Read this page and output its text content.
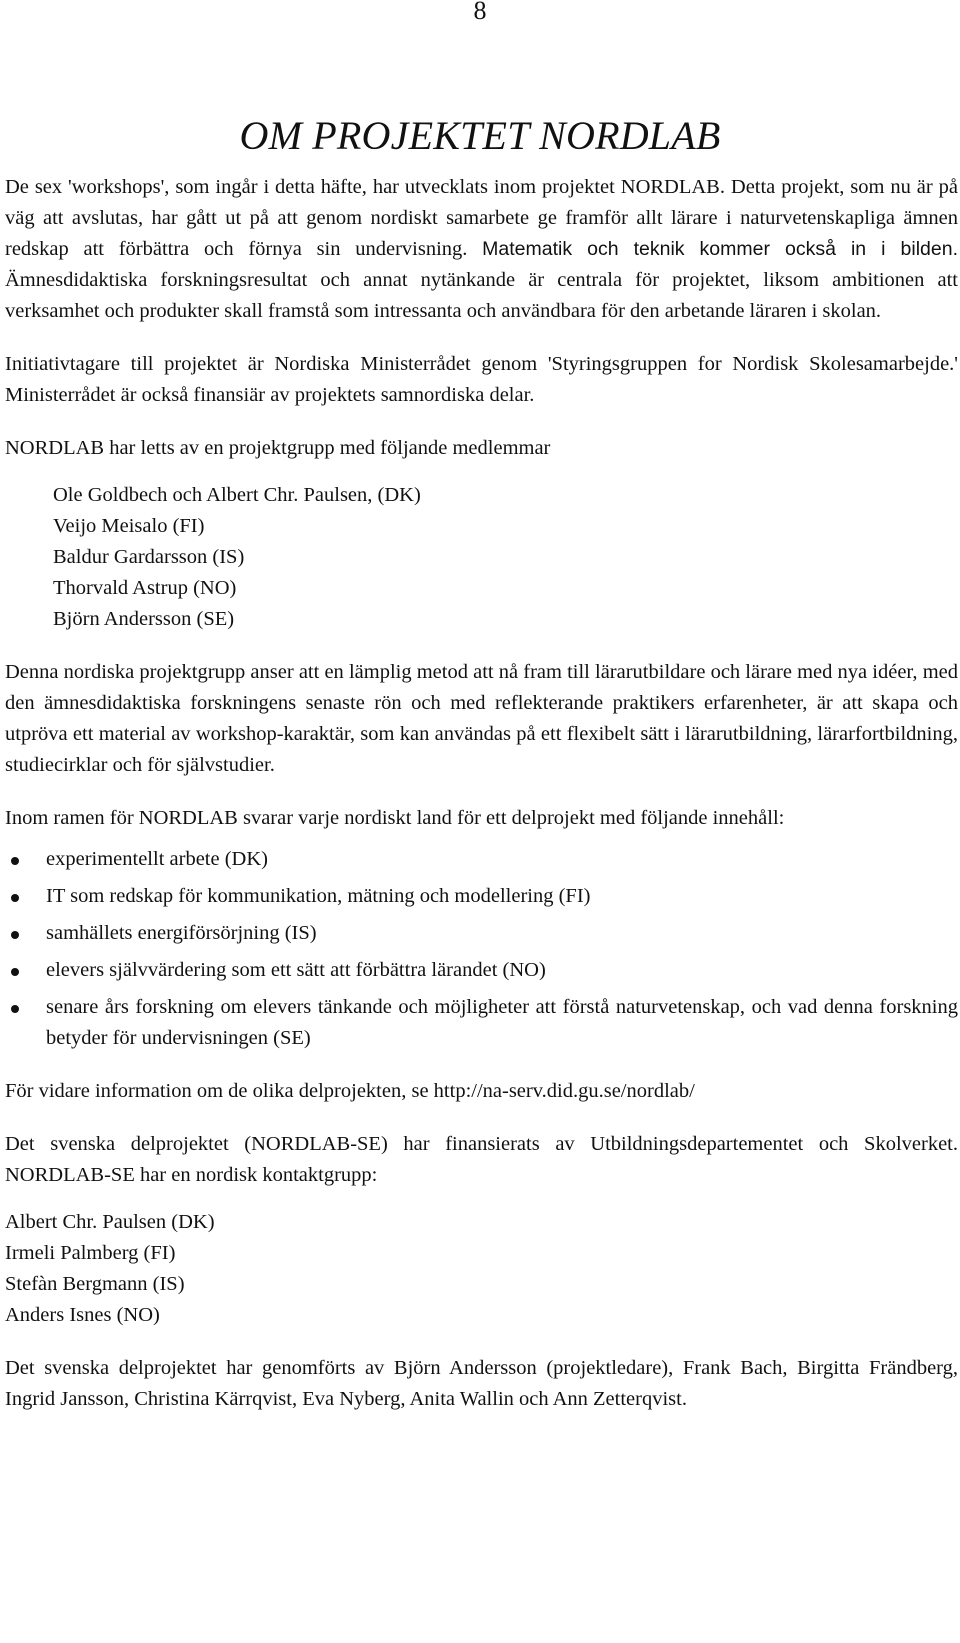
8
OM PROJEKTET NORDLAB

De sex 'workshops', som ingår i detta häfte, har utvecklats inom projektet NORDLAB. Detta projekt, som nu är på väg att avslutas, har gått ut på att genom nordiskt samarbete ge framför allt lärare i naturvetenskapliga ämnen redskap att förbättra och förnya sin undervisning. Matematik och teknik kommer också in i bilden. Ämnesdidaktiska forskningsresultat och annat nytänkande är centrala för projektet, liksom ambitionen att verksamhet och produkter skall framstå som intressanta och användbara för den arbetande läraren i skolan.

Initiativtagare till projektet är Nordiska Ministerrådet genom 'Styringsgruppen for Nordisk Skolesamarbejde.' Ministerrådet är också finansiär av projektets samnordiska delar.

NORDLAB har letts av en projektgrupp med följande medlemmar

Ole Goldbech och Albert Chr. Paulsen, (DK)
Veijo Meisalo (FI)
Baldur Gardarsson (IS)
Thorvald Astrup (NO)
Björn Andersson (SE)

Denna nordiska projektgrupp anser att en lämplig metod att nå fram till lärarutbildare och lärare med nya idéer, med den ämnesdidaktiska forskningens senaste rön och med reflekterande praktikers erfarenheter, är att skapa och utpröva ett material av workshop-karaktär, som kan användas på ett flexibelt sätt i lärarutbildning, lärarfortbildning, studiecirklar och för självstudier.

Inom ramen för NORDLAB svarar varje nordiskt land för ett delprojekt med följande innehåll:

experimentellt arbete (DK)
IT som redskap för kommunikation, mätning och modellering (FI)
samhällets energiförsörjning (IS)
elevers självvärdering som ett sätt att förbättra lärandet (NO)
senare års forskning om elevers tänkande och möjligheter att förstå naturvetenskap, och vad denna forskning betyder för undervisningen (SE)

För vidare information om de olika delprojekten, se http://na-serv.did.gu.se/nordlab/

Det svenska delprojektet (NORDLAB-SE) har finansierats av Utbildningsdepartementet och Skolverket. NORDLAB-SE har en nordisk kontaktgrupp:

Albert Chr. Paulsen (DK)
Irmeli Palmberg (FI)
Stefàn Bergmann (IS)
Anders Isnes (NO)

Det svenska delprojektet har genomförts av Björn Andersson (projektledare), Frank Bach, Birgitta Frändberg, Ingrid Jansson, Christina Kärrqvist, Eva Nyberg, Anita Wallin och Ann Zetterqvist.
